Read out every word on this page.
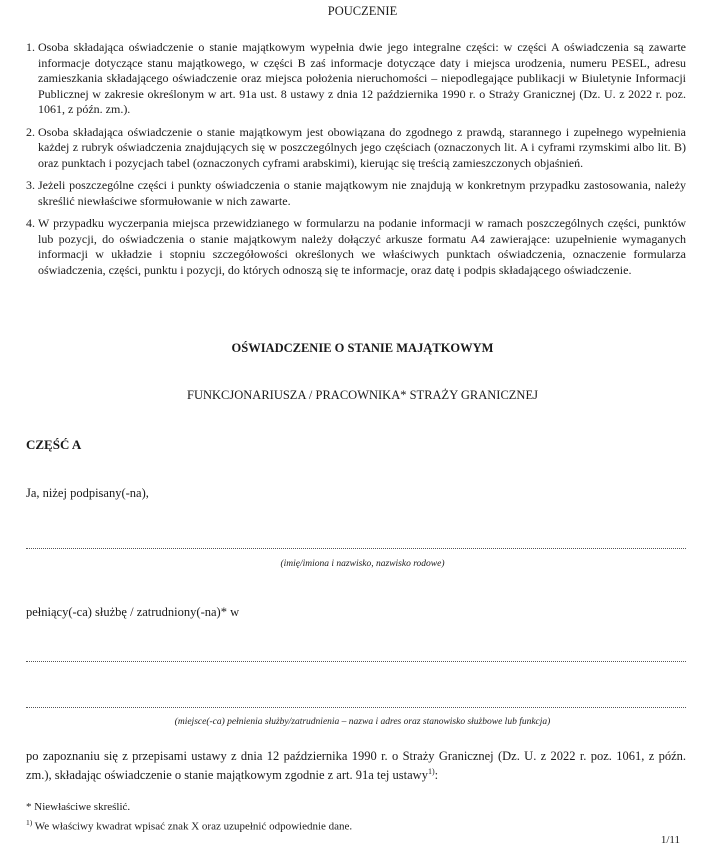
POUCZENIE
1. Osoba składająca oświadczenie o stanie majątkowym wypełnia dwie jego integralne części: w części A oświadczenia są zawarte informacje dotyczące stanu majątkowego, w części B zaś informacje dotyczące daty i miejsca urodzenia, numeru PESEL, adresu zamieszkania składającego oświadczenie oraz miejsca położenia nieruchomości – niepodlegające publikacji w Biuletynie Informacji Publicznej w zakresie określonym w art. 91a ust. 8 ustawy z dnia 12 października 1990 r. o Straży Granicznej (Dz. U. z 2022 r. poz. 1061, z późn. zm.).
2. Osoba składająca oświadczenie o stanie majątkowym jest obowiązana do zgodnego z prawdą, starannego i zupełnego wypełnienia każdej z rubryk oświadczenia znajdujących się w poszczególnych jego częściach (oznaczonych lit. A i cyframi rzymskimi albo lit. B) oraz punktach i pozycjach tabel (oznaczonych cyframi arabskimi), kierując się treścią zamieszczonych objaśnień.
3. Jeżeli poszczególne części i punkty oświadczenia o stanie majątkowym nie znajdują w konkretnym przypadku zastosowania, należy skreślić niewłaściwe sformułowanie w nich zawarte.
4. W przypadku wyczerpania miejsca przewidzianego w formularzu na podanie informacji w ramach poszczególnych części, punktów lub pozycji, do oświadczenia o stanie majątkowym należy dołączyć arkusze formatu A4 zawierające: uzupełnienie wymaganych informacji w układzie i stopniu szczegółowości określonych we właściwych punktach oświadczenia, oznaczenie formularza oświadczenia, części, punktu i pozycji, do których odnoszą się te informacje, oraz datę i podpis składającego oświadczenie.
OŚWIADCZENIE O STANIE MAJĄTKOWYM
FUNKCJONARIUSZA / PRACOWNIKA* STRAŻY GRANICZNEJ
CZĘŚĆ A
Ja, niżej podpisany(-na),
(imię/imiona i nazwisko, nazwisko rodowe)
pełniący(-ca) służbę / zatrudniony(-na)* w
(miejsce(-ca) pełnienia służby/zatrudnienia – nazwa i adres oraz stanowisko służbowe lub funkcja)
po zapoznaniu się z przepisami ustawy z dnia 12 października 1990 r. o Straży Granicznej (Dz. U. z 2022 r. poz. 1061, z późn. zm.), składając oświadczenie o stanie majątkowym zgodnie z art. 91a tej ustawy$^{1)}$:
* Niewłaściwe skreślić.
$^{1)}$ We właściwy kwadrat wpisać znak X oraz uzupełnić odpowiednie dane.
1/11
